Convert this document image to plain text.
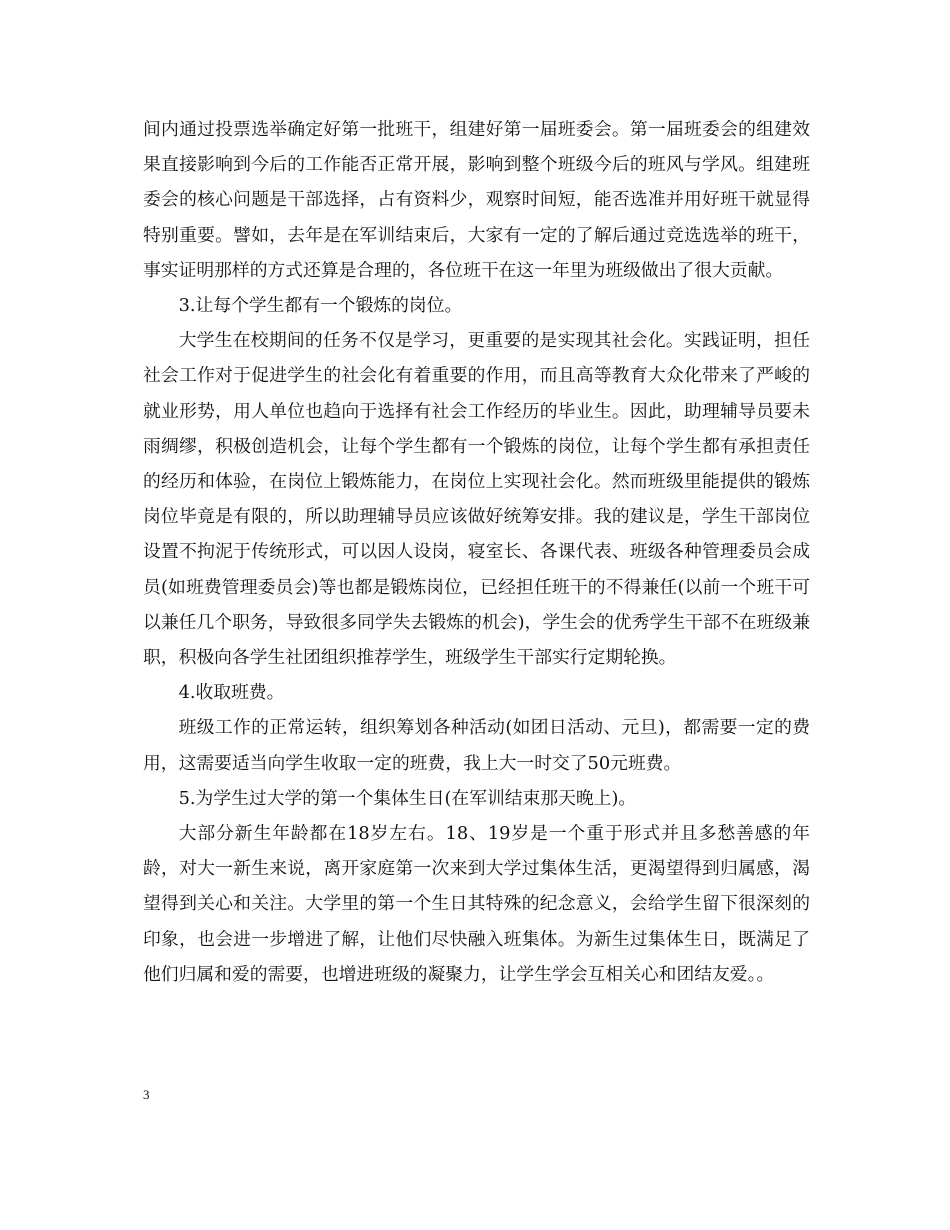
间内通过投票选举确定好第一批班干，组建好第一届班委会。第一届班委会的组建效果直接影响到今后的工作能否正常开展，影响到整个班级今后的班风与学风。组建班委会的核心问题是干部选择，占有资料少，观察时间短，能否选准并用好班干就显得特别重要。譬如，去年是在军训结束后，大家有一定的了解后通过竞选选举的班干，事实证明那样的方式还算是合理的，各位班干在这一年里为班级做出了很大贡献。

3.让每个学生都有一个锻炼的岗位。

大学生在校期间的任务不仅是学习，更重要的是实现其社会化。实践证明，担任社会工作对于促进学生的社会化有着重要的作用，而且高等教育大众化带来了严峻的就业形势，用人单位也趋向于选择有社会工作经历的毕业生。因此，助理辅导员要未雨绸缪，积极创造机会，让每个学生都有一个锻炼的岗位，让每个学生都有承担责任的经历和体验，在岗位上锻炼能力，在岗位上实现社会化。然而班级里能提供的锻炼岗位毕竟是有限的，所以助理辅导员应该做好统筹安排。我的建议是，学生干部岗位设置不拘泥于传统形式，可以因人设岗，寝室长、各课代表、班级各种管理委员会成员(如班费管理委员会)等也都是锻炼岗位，已经担任班干的不得兼任(以前一个班干可以兼任几个职务，导致很多同学失去锻炼的机会)，学生会的优秀学生干部不在班级兼职，积极向各学生社团组织推荐学生，班级学生干部实行定期轮换。

4.收取班费。

班级工作的正常运转，组织筹划各种活动(如团日活动、元旦)，都需要一定的费用，这需要适当向学生收取一定的班费，我上大一时交了50元班费。

5.为学生过大学的第一个集体生日(在军训结束那天晚上)。

大部分新生年龄都在18岁左右。18、19岁是一个重于形式并且多愁善感的年龄，对大一新生来说，离开家庭第一次来到大学过集体生活，更渴望得到归属感，渴望得到关心和关注。大学里的第一个生日其特殊的纪念意义，会给学生留下很深刻的印象，也会进一步增进了解，让他们尽快融入班集体。为新生过集体生日，既满足了他们归属和爱的需要，也增进班级的凝聚力，让学生学会互相关心和团结友爱。。

3
